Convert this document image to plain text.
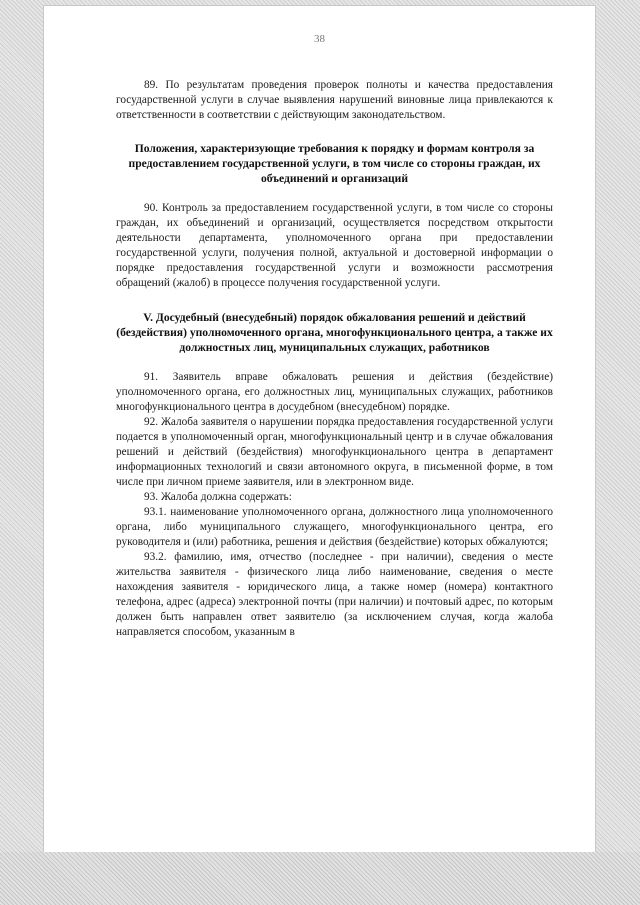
38

89. По результатам проведения проверок полноты и качества предоставления государственной услуги в случае выявления нарушений виновные лица привлекаются к ответственности в соответствии с действующим законодательством.

Положения, характеризующие требования к порядку и формам контроля за предоставлением государственной услуги, в том числе со стороны граждан, их объединений и организаций

90. Контроль за предоставлением государственной услуги, в том числе со стороны граждан, их объединений и организаций, осуществляется посредством открытости деятельности департамента, уполномоченного органа при предоставлении государственной услуги, получения полной, актуальной и достоверной информации о порядке предоставления государственной услуги и возможности рассмотрения обращений (жалоб) в процессе получения государственной услуги.

V. Досудебный (внесудебный) порядок обжалования решений и действий (бездействия) уполномоченного органа, многофункционального центра, а также их должностных лиц, муниципальных служащих, работников

91. Заявитель вправе обжаловать решения и действия (бездействие) уполномоченного органа, его должностных лиц, муниципальных служащих, работников многофункционального центра в досудебном (внесудебном) порядке.

92. Жалоба заявителя о нарушении порядка предоставления государственной услуги подается в уполномоченный орган, многофункциональный центр и в случае обжалования решений и действий (бездействия) многофункционального центра в департамент информационных технологий и связи автономного округа, в письменной форме, в том числе при личном приеме заявителя, или в электронном виде.

93. Жалоба должна содержать:

93.1. наименование уполномоченного органа, должностного лица уполномоченного органа, либо муниципального служащего, многофункционального центра, его руководителя и (или) работника, решения и действия (бездействие) которых обжалуются;

93.2. фамилию, имя, отчество (последнее - при наличии), сведения о месте жительства заявителя - физического лица либо наименование, сведения о месте нахождения заявителя - юридического лица, а также номер (номера) контактного телефона, адрес (адреса) электронной почты (при наличии) и почтовый адрес, по которым должен быть направлен ответ заявителю (за исключением случая, когда жалоба направляется способом, указанным в
